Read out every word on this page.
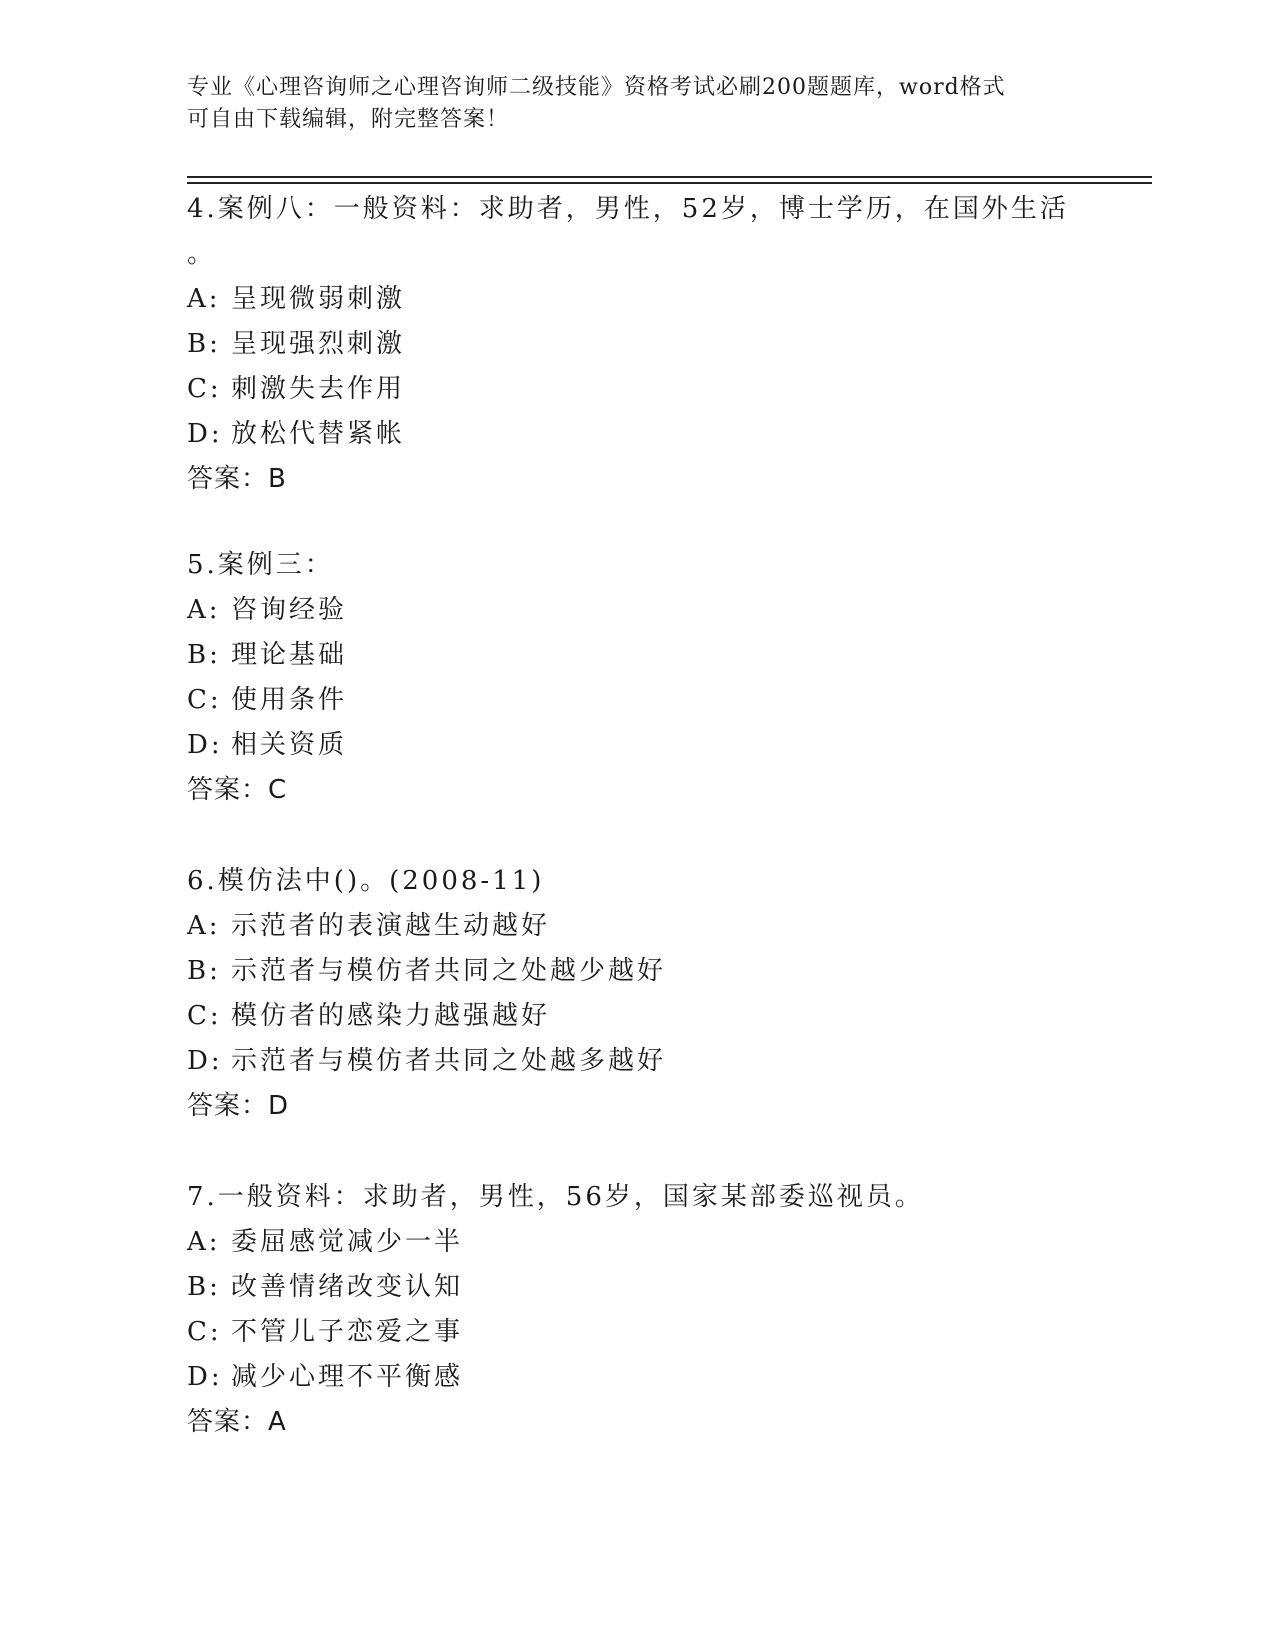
专业《心理咨询师之心理咨询师二级技能》资格考试必刷200题题库，word格式
可自由下载编辑，附完整答案！
4.案例八：一般资料：求助者，男性，52岁，博士学历，在国外生活
。
A: 呈现微弱刺激
B: 呈现强烈刺激
C: 刺激失去作用
D: 放松代替紧帐
答案：B
5.案例三：
A: 咨询经验
B: 理论基础
C: 使用条件
D: 相关资质
答案：C
6.模仿法中()。(2008-11)
A: 示范者的表演越生动越好
B: 示范者与模仿者共同之处越少越好
C: 模仿者的感染力越强越好
D: 示范者与模仿者共同之处越多越好
答案：D
7.一般资料：求助者，男性，56岁，国家某部委巡视员。
A: 委屈感觉减少一半
B: 改善情绪改变认知
C: 不管儿子恋爱之事
D: 减少心理不平衡感
答案：A
